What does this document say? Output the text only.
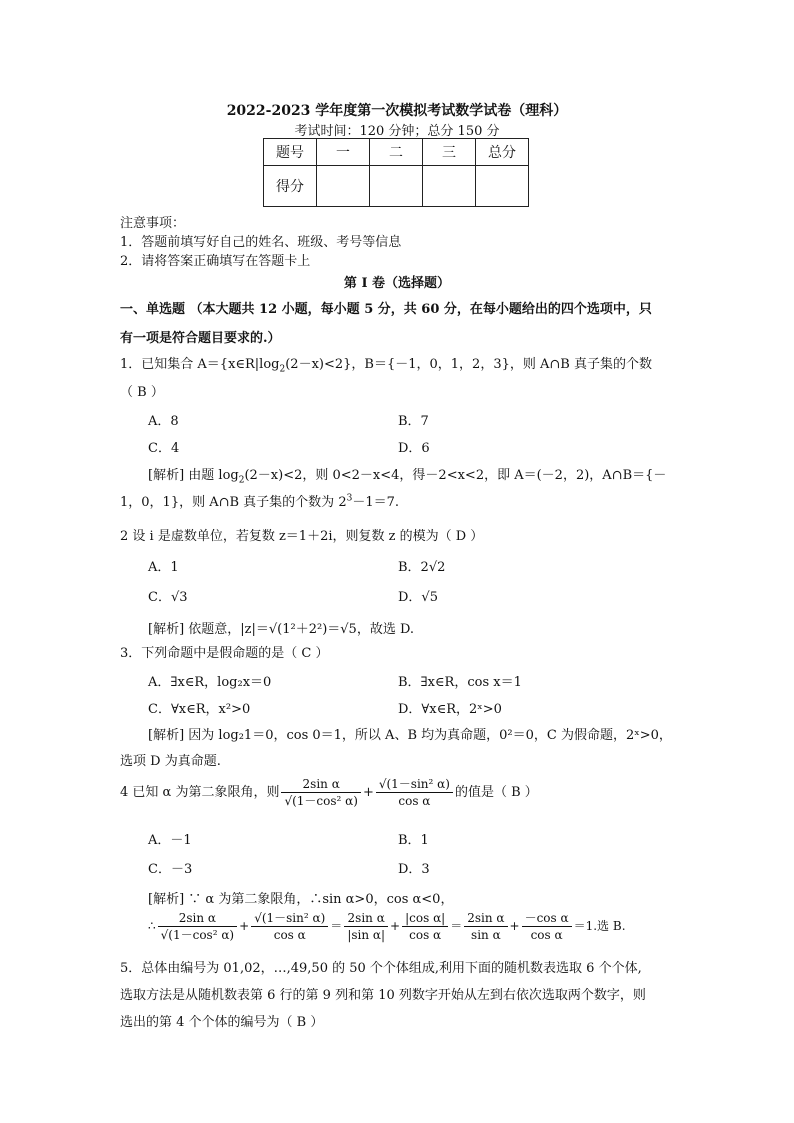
2022-2023 学年度第一次模拟考试数学试卷（理科）
考试时间：120 分钟；总分 150 分
题号	一	二	三	总分
得分				
注意事项：
1．答题前填写好自己的姓名、班级、考号等信息
2．请将答案正确填写在答题卡上
第 I 卷（选择题）
一、单选题 （本大题共 12 小题，每小题 5 分，共 60 分，在每小题给出的四个选项中，只
有一项是符合题目要求的.）
1．已知集合 $A=\{x\in R|\log_2(2-x)<2\}$，B＝{－1，0，1，2，3}，则 A∩B 真子集的个数
（ B ）
A．8	B．7
C．4	D．6
[解析] 由题 $\log_2(2-x)<2$，则 0<2－x<4，得－2<x<2，即 A＝(－2，2)，A∩B＝{－
1，0，1}，则 A∩B 真子集的个数为 $2^3-1=7$.
2 设 i 是虚数单位，若复数 z＝1＋2i，则复数 z 的模为（ D ）
A．1	B．2√2
C．√3	D．√5
[解析] 依题意，|z|＝√(1²＋2²)＝√5，故选 D.
3．下列命题中是假命题的是（ C ）
A．∃x∈R，log₂x＝0	B．∃x∈R，cos x＝1
C．∀x∈R，x²>0	D．∀x∈R，2ˣ>0
[解析] 因为 log₂1＝0，cos 0＝1，所以 A、B 均为真命题，0²＝0，C 为假命题，2ˣ>0，
选项 D 为真命题.
4 已知 α 为第二象限角，则 $\frac{\text{2sin α}}{\text{√(1－cos² α)}} + \frac{\text{√(1－sin² α)}}{\text{cos α}}$ 的值是（ B ）
A．－1	B．1
C．－3	D．3
[解析] ∵ α 为第二象限角，∴sin α>0，cos α<0，
∴ $\frac{\text{2sin α}}{\text{√(1－cos² α)}} + \frac{\text{√(1－sin² α)}}{\text{cos α}} = \frac{\text{2sin α}}{\text{|sin α|}} + \frac{\text{|cos α|}}{\text{cos α}} = \frac{\text{2sin α}}{\text{sin α}} + \frac{\text{－cos α}}{\text{cos α}} =1$.选 B.
5．总体由编号为 01,02，…,49,50 的 50 个个体组成,利用下面的随机数表选取 6 个个体,
选取方法是从随机数表第 6 行的第 9 列和第 10 列数字开始从左到右依次选取两个数字，则
选出的第 4 个个体的编号为（ B ）
